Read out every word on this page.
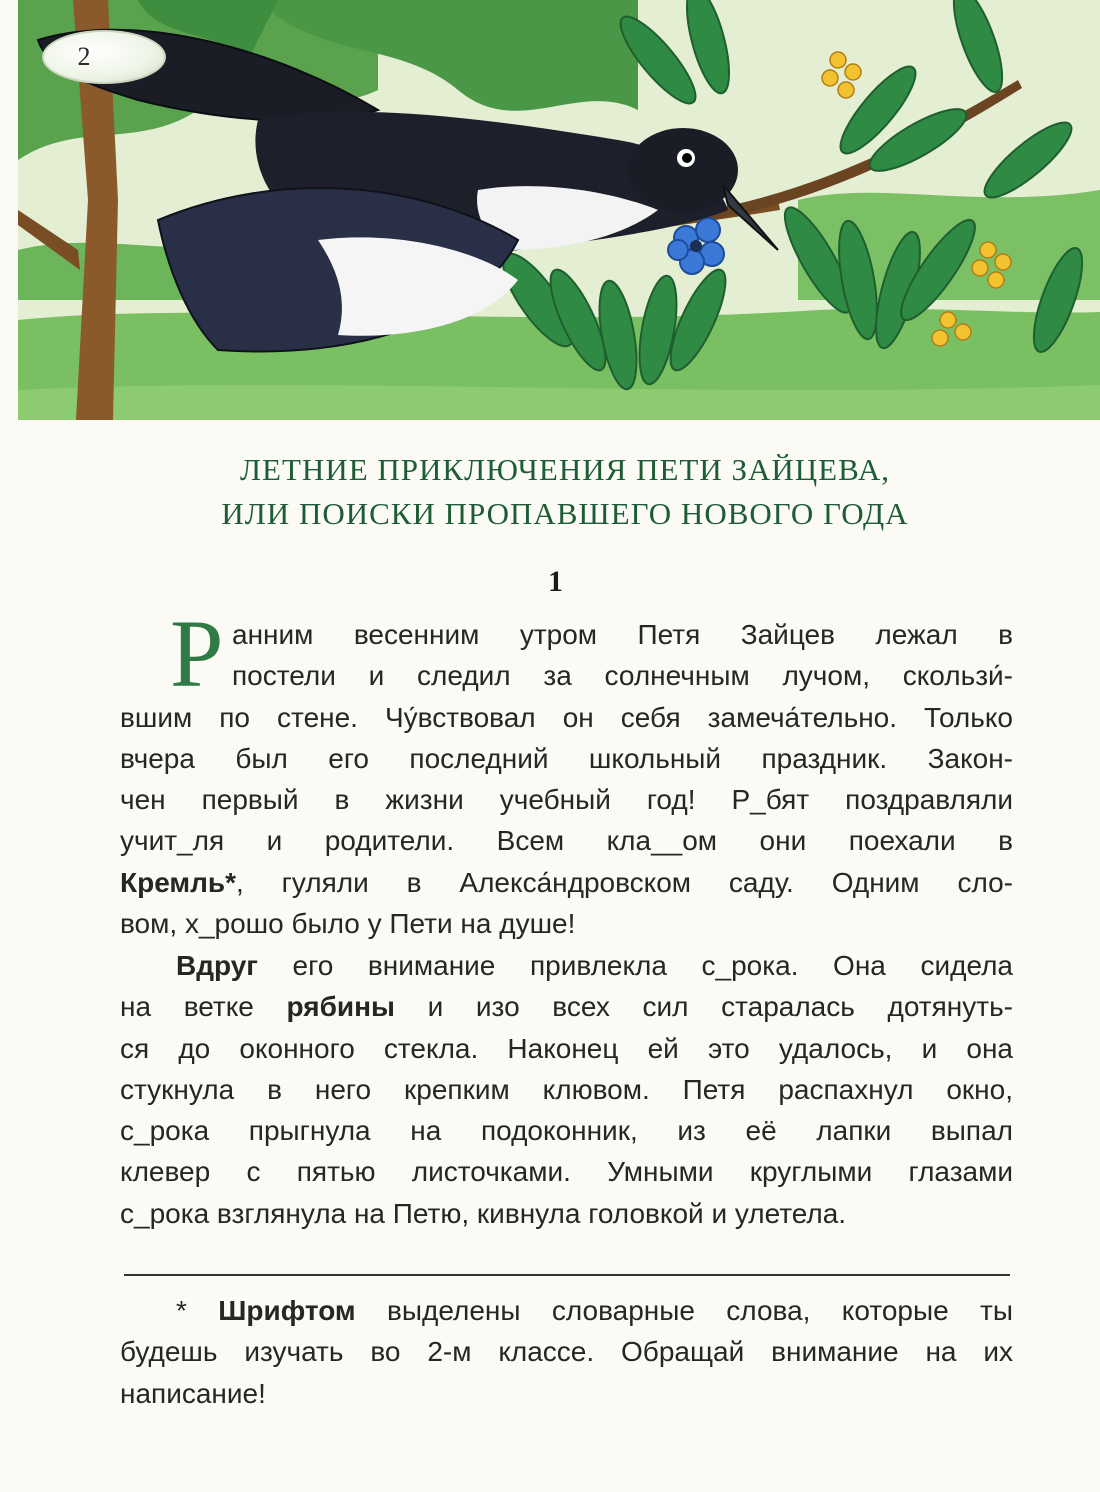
2
ЛЕТНИЕ ПРИКЛЮЧЕНИЯ ПЕТИ ЗАЙЦЕВА,
ИЛИ ПОИСКИ ПРОПАВШЕГО НОВОГО ГОДА
1
Р анним весенним утром Петя Зайцев лежал в
постели и следил за солнечным лучом, скользи́-
вшим по стене. Чу́вствовал он себя замеча́тельно. Только
вчера был его последний школьный праздник. Закон-
чен первый в жизни учебный год! Р_бят поздравляли
учит_ля и родители. Всем кла__ом они поехали в
Кремль*, гуляли в Алекса́ндровском саду. Одним сло-
вом, х_рошо было у Пети на душе!
Вдруг его внимание привлекла с_рока. Она сидела
на ветке рябины и изо всех сил старалась дотянуть-
ся до оконного стекла. Наконец ей это удалось, и она
стукнула в него крепким клювом. Петя распахнул окно,
с_рока прыгнула на подоконник, из её лапки выпал
клевер с пятью листочками. Умными круглыми глазами
с_рока взглянула на Петю, кивнула головкой и улетела.
* Шрифтом выделены словарные слова, которые ты
будешь изучать во 2-м классе. Обращай внимание на их
написание!
